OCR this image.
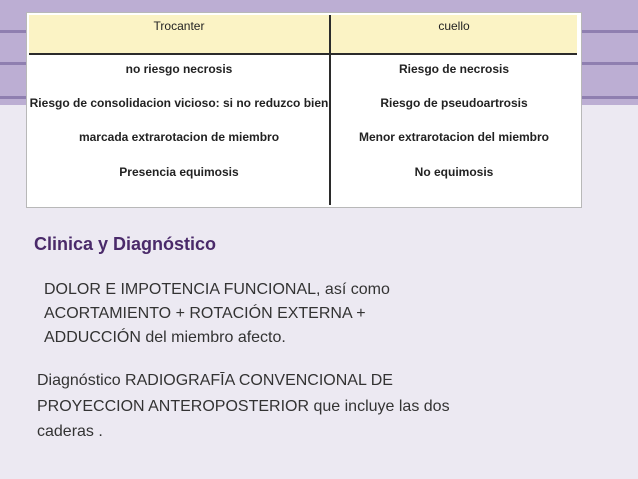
Trocanter	cuello
no riesgo necrosis	Riesgo de necrosis
Riesgo de consolidacion vicioso: si no reduzco bien	Riesgo de pseudoartrosis
marcada extrarotacion de miembro	Menor extrarotacion del miembro
Presencia equimosis	No equimosis
Clinica y Diagnóstico
DOLOR E IMPOTENCIA FUNCIONAL, así como
ACORTAMIENTO + ROTACIÓN EXTERNA +
ADDUCCIÓN del miembro afecto.
Diagnóstico RADIOGRAFĪA CONVENCIONAL DE
PROYECCION ANTEROPOSTERIOR que incluye las dos
caderas .
